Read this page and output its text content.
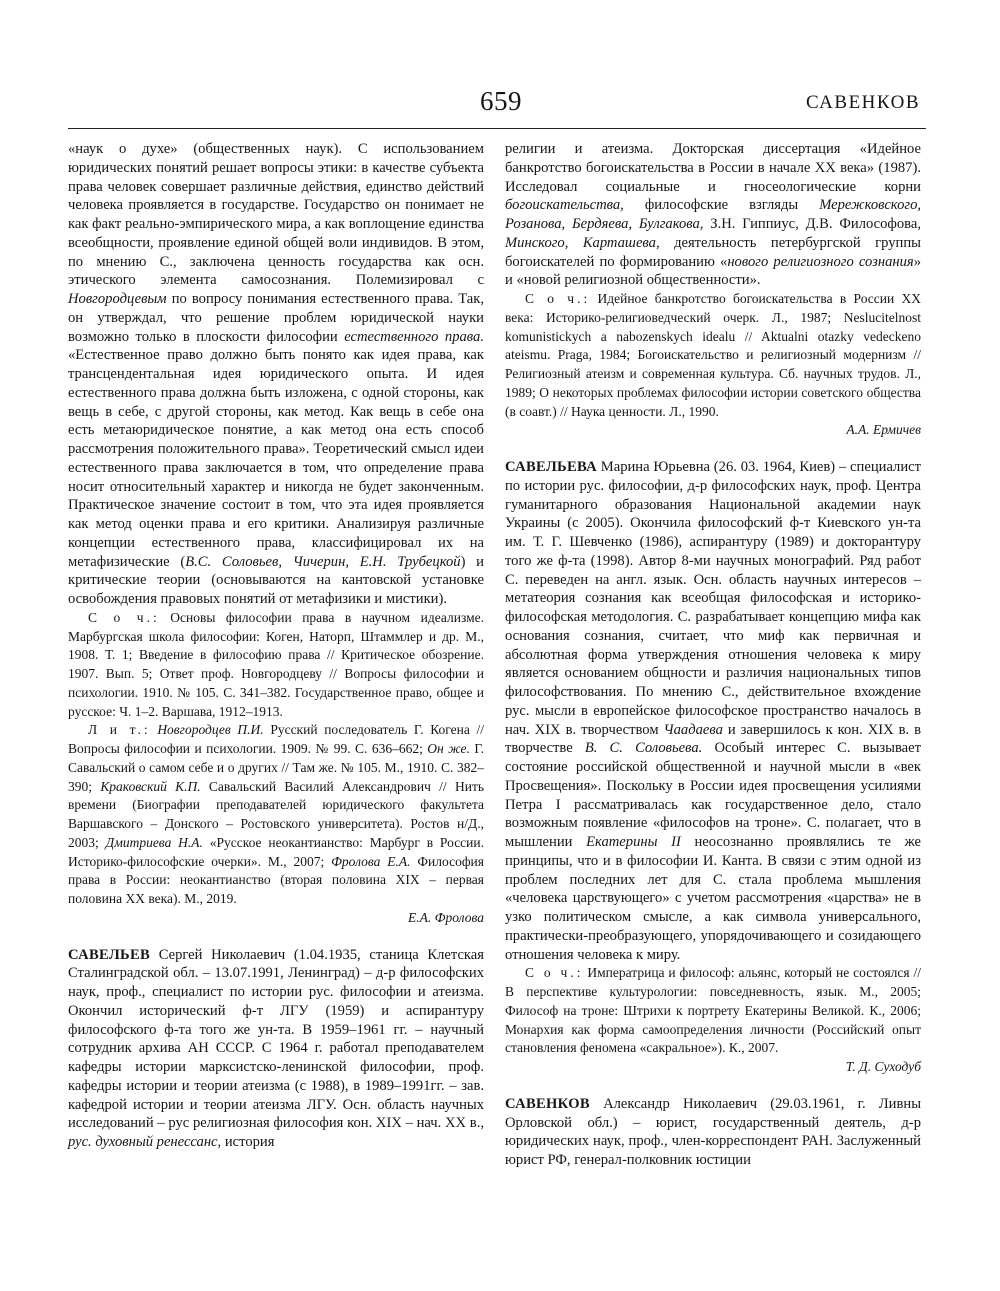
659	САВЕНКОВ

«наук о духе» (общественных наук). С использованием юридических понятий решает вопросы этики: в качестве субъекта права человек совершает различные действия, единство действий человека проявляется в государстве. Государство он понимает не как факт реально-эмпирического мира, а как воплощение единства всеобщности, проявление единой общей воли индивидов. В этом, по мнению С., заключена ценность государства как осн. этического элемента самосознания. Полемизировал с Новгородцевым по вопросу понимания естественного права. Так, он утверждал, что решение проблем юридической науки возможно только в плоскости философии естественного права. «Естественное право должно быть понято как идея права, как трансцендентальная идея юридического опыта. И идея естественного права должна быть изложена, с одной стороны, как вещь в себе, с другой стороны, как метод. Как вещь в себе она есть метаюридическое понятие, а как метод она есть способ рассмотрения положительного права». Теоретический смысл идеи естественного права заключается в том, что определение права носит относительный характер и никогда не будет законченным. Практическое значение состоит в том, что эта идея проявляется как метод оценки права и его критики. Анализируя различные концепции естественного права, классифицировал их на метафизические (В.С. Соловьев, Чичерин, Е.Н. Трубецкой) и критические теории (основываются на кантовской установке освобождения правовых понятий от метафизики и мистики).

С о ч.: Основы философии права в научном идеализме. Марбургская школа философии: Коген, Наторп, Штаммлер и др. М., 1908. Т. 1; Введение в философию права // Критическое обозрение. 1907. Вып. 5; Ответ проф. Новгородцеву // Вопросы философии и психологии. 1910. № 105. С. 341–382. Государственное право, общее и русское: Ч. 1–2. Варшава, 1912–1913.

Л и т.: Новгородцев П.И. Русский последователь Г. Когена // Вопросы философии и психологии. 1909. № 99. С. 636–662; Он же. Г. Савальский о самом себе и о других // Там же. № 105. М., 1910. С. 382–390; Краковский К.П. Савальский Василий Александрович // Нить времени (Биографии преподавателей юридического факультета Варшавского – Донского – Ростовского университета). Ростов н/Д., 2003; Дмитриева Н.А. «Русское неокантианство: Марбург в России. Историко-философские очерки». М., 2007; Фролова Е.А. Философия права в России: неокантианство (вторая половина XIX – первая половина XX века). М., 2019.

Е.А. Фролова

САВЕЛЬЕВ Сергей Николаевич (1.04.1935, станица Клетская Сталинградской обл. – 13.07.1991, Ленинград) – д-р философских наук, проф., специалист по истории рус. философии и атеизма. Окончил исторический ф-т ЛГУ (1959) и аспирантуру философского ф-та того же ун-та. В 1959–1961 гг. – научный сотрудник архива АН СССР. С 1964 г. работал преподавателем кафедры истории марксистско-ленинской философии, проф. кафедры истории и теории атеизма (с 1988), в 1989–1991гг. – зав. кафедрой истории и теории атеизма ЛГУ. Осн. область научных исследований – рус религиозная философия кон. XIX – нач. XX в., рус. духовный ренессанс, история

религии и атеизма. Докторская диссертация «Идейное банкротство богоискательства в России в начале XX века» (1987). Исследовал социальные и гносеологические корни богоискательства, философские взгляды Мережковского, Розанова, Бердяева, Булгакова, З.Н. Гиппиус, Д.В. Философова, Минского, Карташева, деятельность петербургской группы богоискателей по формированию «нового религиозного сознания» и «новой религиозной общественности».

С о ч.: Идейное банкротство богоискательства в России XX века: Историко-религиоведческий очерк. Л., 1987; Neslucitelnost komunistickych a nabozenskych idealu // Aktualni otazky vedeckeno ateismu. Praga, 1984; Богоискательство и религиозный модернизм // Религиозный атеизм и современная культура. Сб. научных трудов. Л., 1989; О некоторых проблемах философии истории советского общества (в соавт.) // Наука ценности. Л., 1990.

А.А. Ермичев

САВЕЛЬЕВА Марина Юрьевна (26. 03. 1964, Киев) – специалист по истории рус. философии, д-р философских наук, проф. Центра гуманитарного образования Национальной академии наук Украины (с 2005). Окончила философский ф-т Киевского ун-та им. Т. Г. Шевченко (1986), аспирантуру (1989) и докторантуру того же ф-та (1998). Автор 8-ми научных монографий. Ряд работ С. переведен на англ. язык. Осн. область научных интересов – метатеория сознания как всеобщая философская и историко-философская методология. С. разрабатывает концепцию мифа как основания сознания, считает, что миф как первичная и абсолютная форма утверждения отношения человека к миру является основанием общности и различия национальных типов философствования. По мнению С., действительное вхождение рус. мысли в европейское философское пространство началось в нач. XIX в. творчеством Чаадаева и завершилось к кон. XIX в. в творчестве В. С. Соловьева. Особый интерес С. вызывает состояние российской общественной и научной мысли в «век Просвещения». Поскольку в России идея просвещения усилиями Петра I рассматривалась как государственное дело, стало возможным появление «философов на троне». С. полагает, что в мышлении Екатерины II неосознанно проявлялись те же принципы, что и в философии И. Канта. В связи с этим одной из проблем последних лет для С. стала проблема мышления «человека царствующего» с учетом рассмотрения «царства» не в узко политическом смысле, а как символа универсального, практически-преобразующего, упорядочивающего и созидающего отношения человека к миру.

С о ч.: Императрица и философ: альянс, который не состоялся // В перспективе культурологии: повседневность, язык. М., 2005; Философ на троне: Штрихи к портрету Екатерины Великой. К., 2006; Монархия как форма самоопределения личности (Российский опыт становления феномена «сакральное»). К., 2007.

Т. Д. Суходуб

САВЕНКОВ Александр Николаевич (29.03.1961, г. Ливны Орловской обл.) – юрист, государственный деятель, д-р юридических наук, проф., член-корреспондент РАН. Заслуженный юрист РФ, генерал-полковник юстиции
